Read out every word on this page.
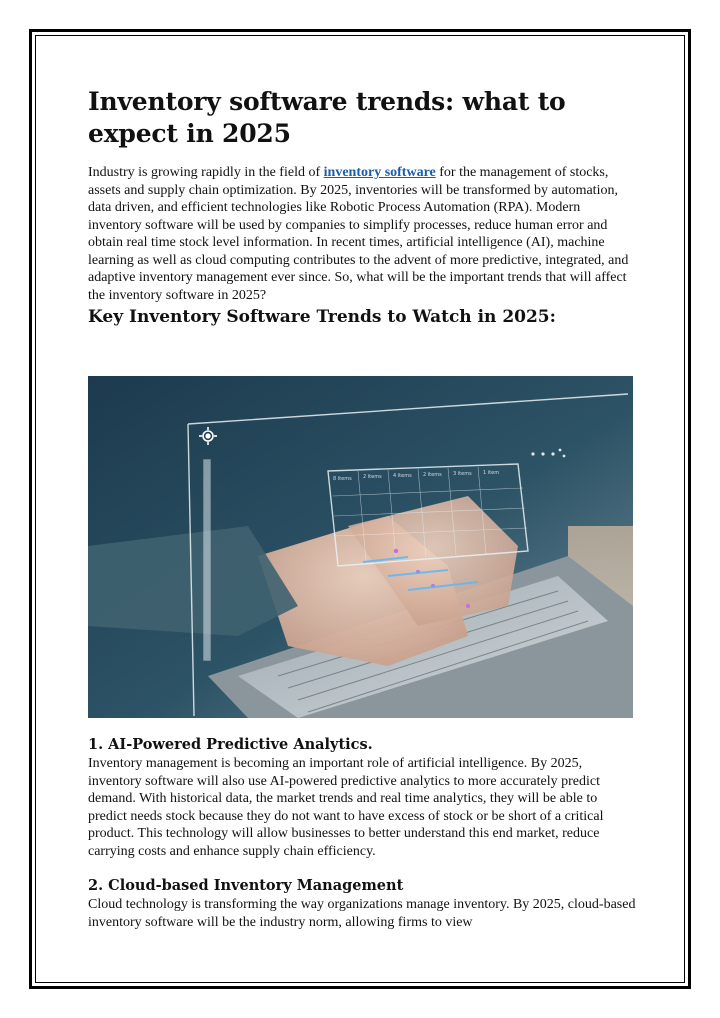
Inventory software trends: what to expect in 2025

Industry is growing rapidly in the field of inventory software for the management of stocks, assets and supply chain optimization. By 2025, inventories will be transformed by automation, data driven, and efficient technologies like Robotic Process Automation (RPA). Modern inventory software will be used by companies to simplify processes, reduce human error and obtain real time stock level information. In recent times, artificial intelligence (AI), machine learning as well as cloud computing contributes to the advent of more predictive, integrated, and adaptive inventory management ever since. So, what will be the important trends that will affect the inventory software in 2025?

Key Inventory Software Trends to Watch in 2025:
8 items 2 items 4 items 2 items 3 items 1 item
1. AI-Powered Predictive Analytics.

Inventory management is becoming an important role of artificial intelligence. By 2025, inventory software will also use AI-powered predictive analytics to more accurately predict demand. With historical data, the market trends and real time analytics, they will be able to predict needs stock because they do not want to have excess of stock or be short of a critical product. This technology will allow businesses to better understand this end market, reduce carrying costs and enhance supply chain efficiency.

2. Cloud-based Inventory Management

Cloud technology is transforming the way organizations manage inventory. By 2025, cloud-based inventory software will be the industry norm, allowing firms to view
